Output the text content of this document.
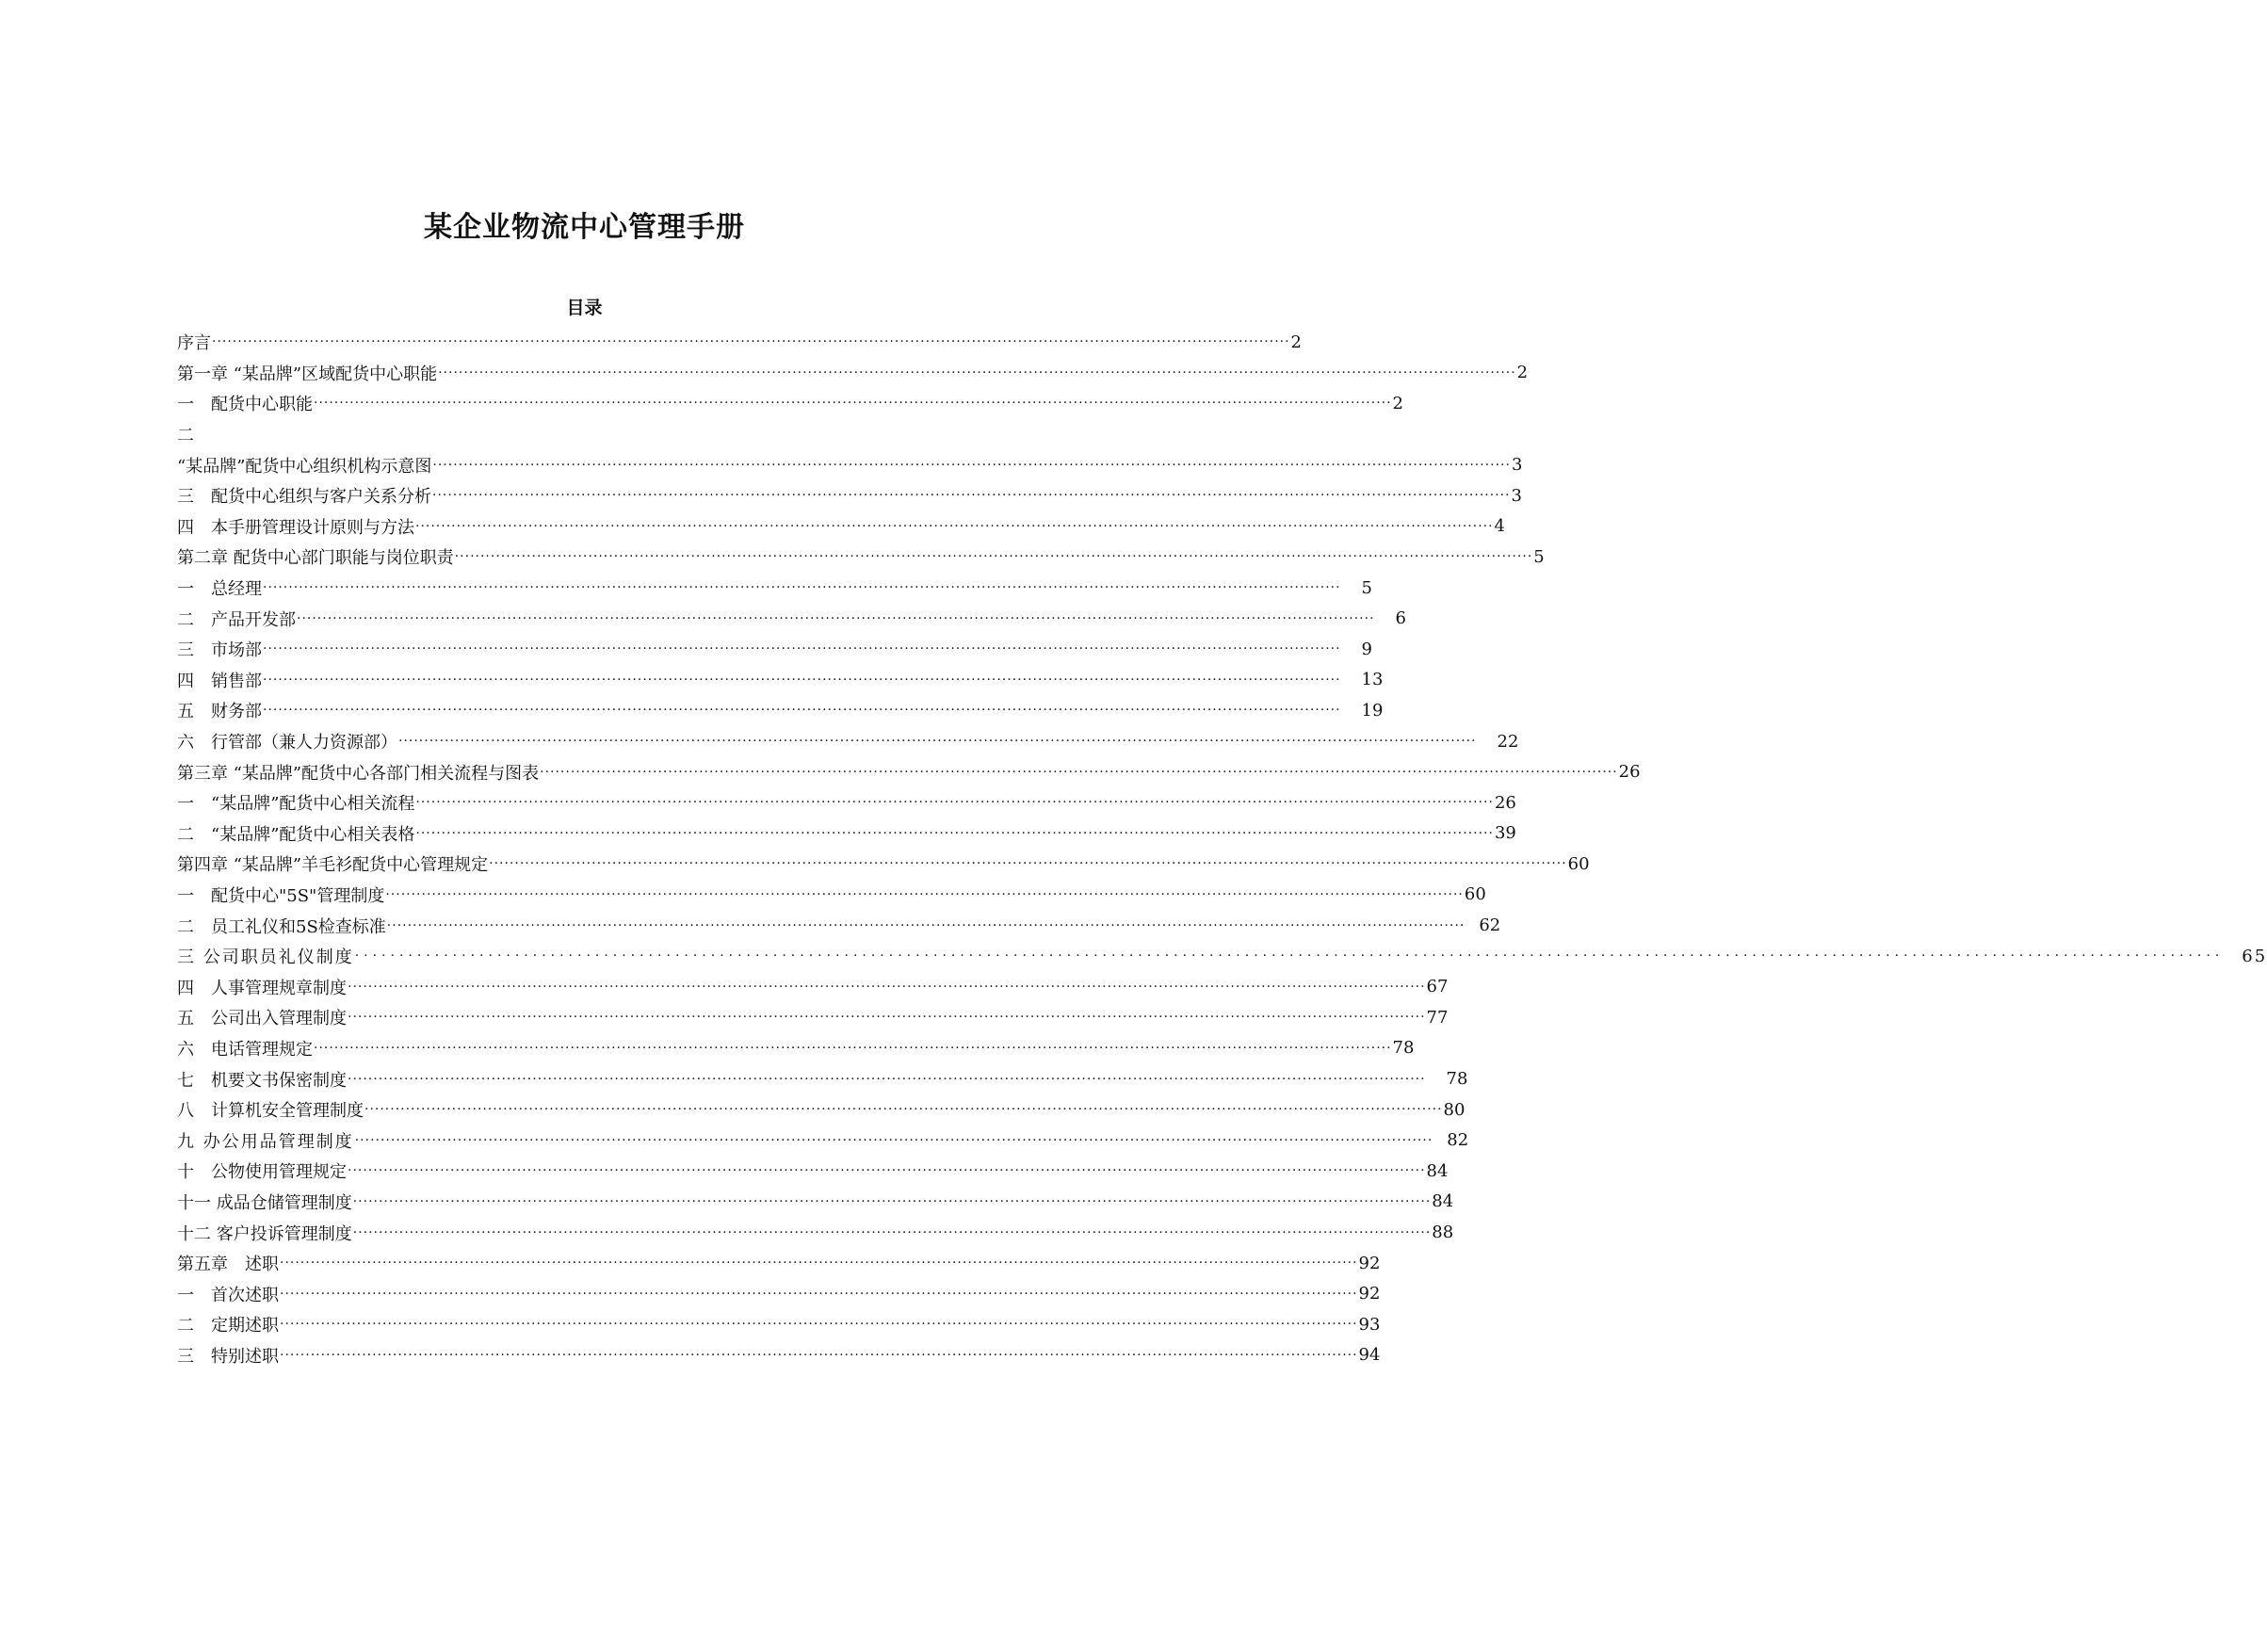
某企业物流中心管理手册
目录
序言 ·····	2
第一章 “某品牌”区域配货中心职能 ·····	2
一　配货中心职能 ·····	2
二
“某品牌”配货中心组织机构示意图 ·····	3
三　配货中心组织与客户关系分析 ·····	3
四　本手册管理设计原则与方法 ·····	4
第二章 配货中心部门职能与岗位职责 ·····	5
一　总经理 ·····	5
二　产品开发部 ·····	6
三　市场部 ·····	9
四　销售部 ·····	13
五　财务部 ·····	19
六　行管部（兼人力资源部） ·····	22
第三章 “某品牌”配货中心各部门相关流程与图表 ·····	26
一　“某品牌”配货中心相关流程 ·····	26
二　“某品牌”配货中心相关表格 ·····	39
第四章 “某品牌”羊毛衫配货中心管理规定 ·····	60
一　配货中心"5S"管理制度 ·····	60
二　员工礼仪和5S检查标准 ·····	62
三 公司职员礼仪制度 ·····	65
四　人事管理规章制度 ·····	67
五　公司出入管理制度 ·····	77
六　电话管理规定 ·····	78
七　机要文书保密制度 ·····	78
八　计算机安全管理制度 ·····	80
九 办公用品管理制度 ·····	82
十　公物使用管理规定 ·····	84
十一 成品仓储管理制度 ·····	84
十二 客户投诉管理制度 ·····	88
第五章　述职 ·····	92
一　首次述职 ·····	92
二　定期述职 ·····	93
三　特别述职 ·····	94
